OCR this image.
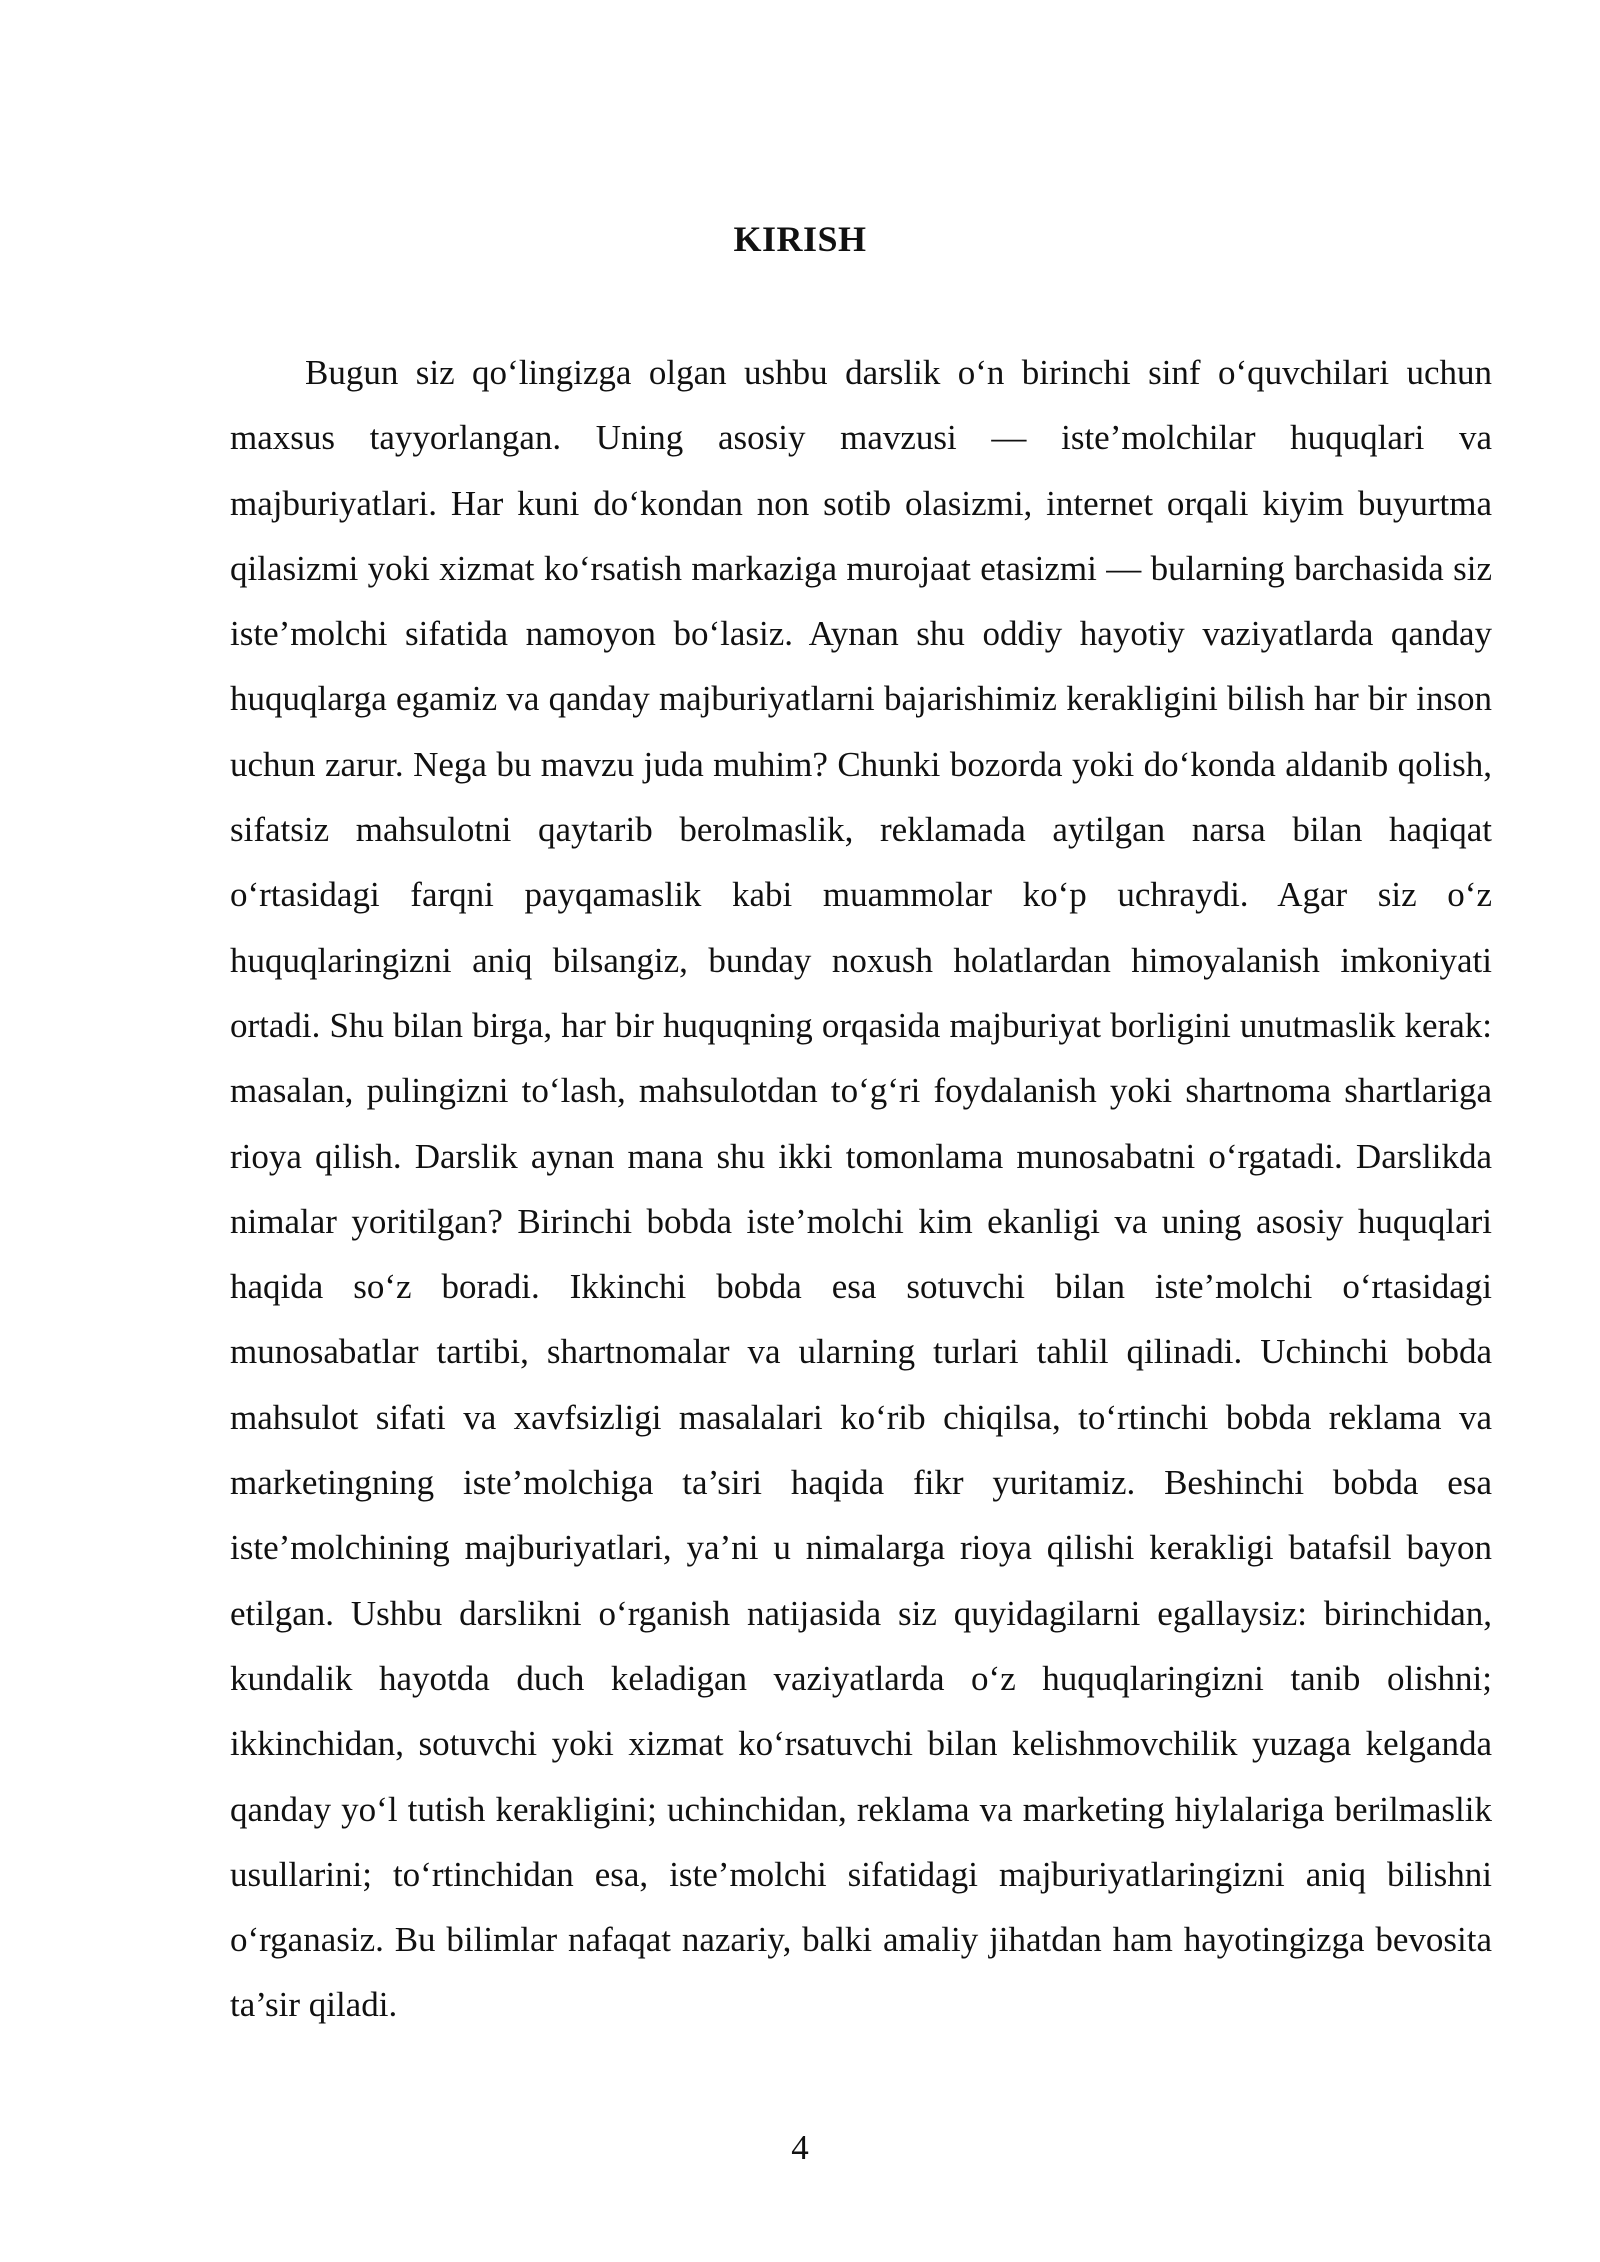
KIRISH

Bugun siz qo‘lingizga olgan ushbu darslik o‘n birinchi sinf o‘quvchilari uchun maxsus tayyorlangan. Uning asosiy mavzusi — iste’molchilar huquqlari va majburiyatlari. Har kuni do‘kondan non sotib olasizmi, internet orqali kiyim buyurtma qilasizmi yoki xizmat ko‘rsatish markaziga murojaat etasizmi — bularning barchasida siz iste’molchi sifatida namoyon bo‘lasiz. Aynan shu oddiy hayotiy vaziyatlarda qanday huquqlarga egamiz va qanday majburiyatlarni bajarishimiz kerakligini bilish har bir inson uchun zarur. Nega bu mavzu juda muhim? Chunki bozorda yoki do‘konda aldanib qolish, sifatsiz mahsulotni qaytarib berolmaslik, reklamada aytilgan narsa bilan haqiqat o‘rtasidagi farqni payqamaslik kabi muammolar ko‘p uchraydi. Agar siz o‘z huquqlaringizni aniq bilsangiz, bunday noxush holatlardan himoyalanish imkoniyati ortadi. Shu bilan birga, har bir huquqning orqasida majburiyat borligini unutmaslik kerak: masalan, pulingizni to‘lash, mahsulotdan to‘g‘ri foydalanish yoki shartnoma shartlariga rioya qilish. Darslik aynan mana shu ikki tomonlama munosabatni o‘rgatadi. Darslikda nimalar yoritilgan? Birinchi bobda iste’molchi kim ekanligi va uning asosiy huquqlari haqida so‘z boradi. Ikkinchi bobda esa sotuvchi bilan iste’molchi o‘rtasidagi munosabatlar tartibi, shartnomalar va ularning turlari tahlil qilinadi. Uchinchi bobda mahsulot sifati va xavfsizligi masalalari ko‘rib chiqilsa, to‘rtinchi bobda reklama va marketingning iste’molchiga ta’siri haqida fikr yuritamiz. Beshinchi bobda esa iste’molchining majburiyatlari, ya’ni u nimalarga rioya qilishi kerakligi batafsil bayon etilgan. Ushbu darslikni o‘rganish natijasida siz quyidagilarni egallaysiz: birinchidan, kundalik hayotda duch keladigan vaziyatlarda o‘z huquqlaringizni tanib olishni; ikkinchidan, sotuvchi yoki xizmat ko‘rsatuvchi bilan kelishmovchilik yuzaga kelganda qanday yo‘l tutish kerakligini; uchinchidan, reklama va marketing hiylalariga berilmaslik usullarini; to‘rtinchidan esa, iste’molchi sifatidagi majburiyatlaringizni aniq bilishni o‘rganasiz. Bu bilimlar nafaqat nazariy, balki amaliy jihatdan ham hayotingizga bevosita ta’sir qiladi.

4
